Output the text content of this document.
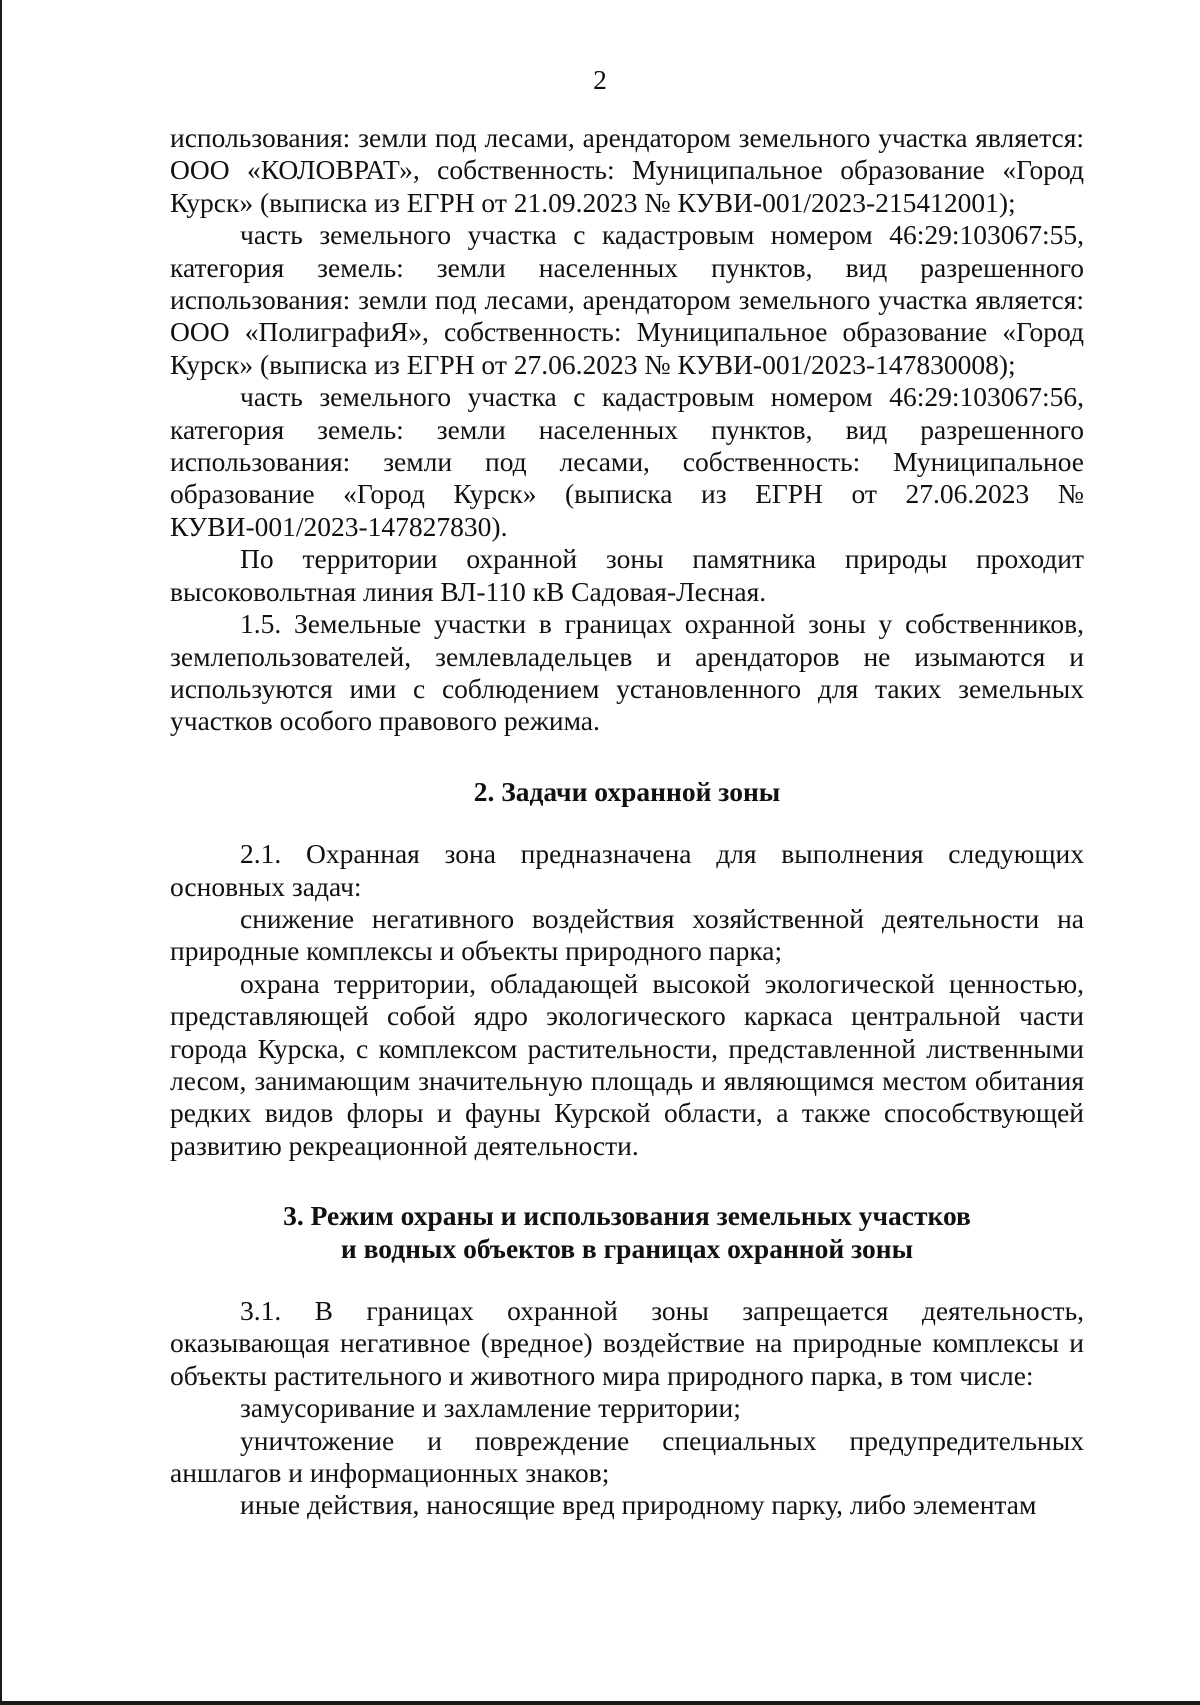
2

использования: земли под лесами, арендатором земельного участка является: ООО «КОЛОВРАТ», собственность: Муниципальное образование «Город Курск» (выписка из ЕГРН от 21.09.2023 № КУВИ-001/2023-215412001);

часть земельного участка с кадастровым номером 46:29:103067:55, категория земель: земли населенных пунктов, вид разрешенного использования: земли под лесами, арендатором земельного участка является: ООО «ПолиграфиЯ», собственность: Муниципальное образование «Город Курск» (выписка из ЕГРН от 27.06.2023 № КУВИ-001/2023-147830008);

часть земельного участка с кадастровым номером 46:29:103067:56, категория земель: земли населенных пунктов, вид разрешенного использования: земли под лесами, собственность: Муниципальное образование «Город Курск» (выписка из ЕГРН от 27.06.2023 № КУВИ-001/2023-147827830).

По территории охранной зоны памятника природы проходит высоковольтная линия ВЛ-110 кВ Садовая-Лесная.

1.5. Земельные участки в границах охранной зоны у собственников, землепользователей, землевладельцев и арендаторов не изымаются и используются ими с соблюдением установленного для таких земельных участков особого правового режима.

2. Задачи охранной зоны

2.1. Охранная зона предназначена для выполнения следующих основных задач:

снижение негативного воздействия хозяйственной деятельности на природные комплексы и объекты природного парка;

охрана территории, обладающей высокой экологической ценностью, представляющей собой ядро экологического каркаса центральной части города Курска, с комплексом растительности, представленной лиственными лесом, занимающим значительную площадь и являющимся местом обитания редких видов флоры и фауны Курской области, а также способствующей развитию рекреационной деятельности.

3. Режим охраны и использования земельных участков
и водных объектов в границах охранной зоны

3.1. В границах охранной зоны запрещается деятельность, оказывающая негативное (вредное) воздействие на природные комплексы и объекты растительного и животного мира природного парка, в том числе:

замусоривание и захламление территории;

уничтожение и повреждение специальных предупредительных аншлагов и информационных знаков;

иные действия, наносящие вред природному парку, либо элементам
